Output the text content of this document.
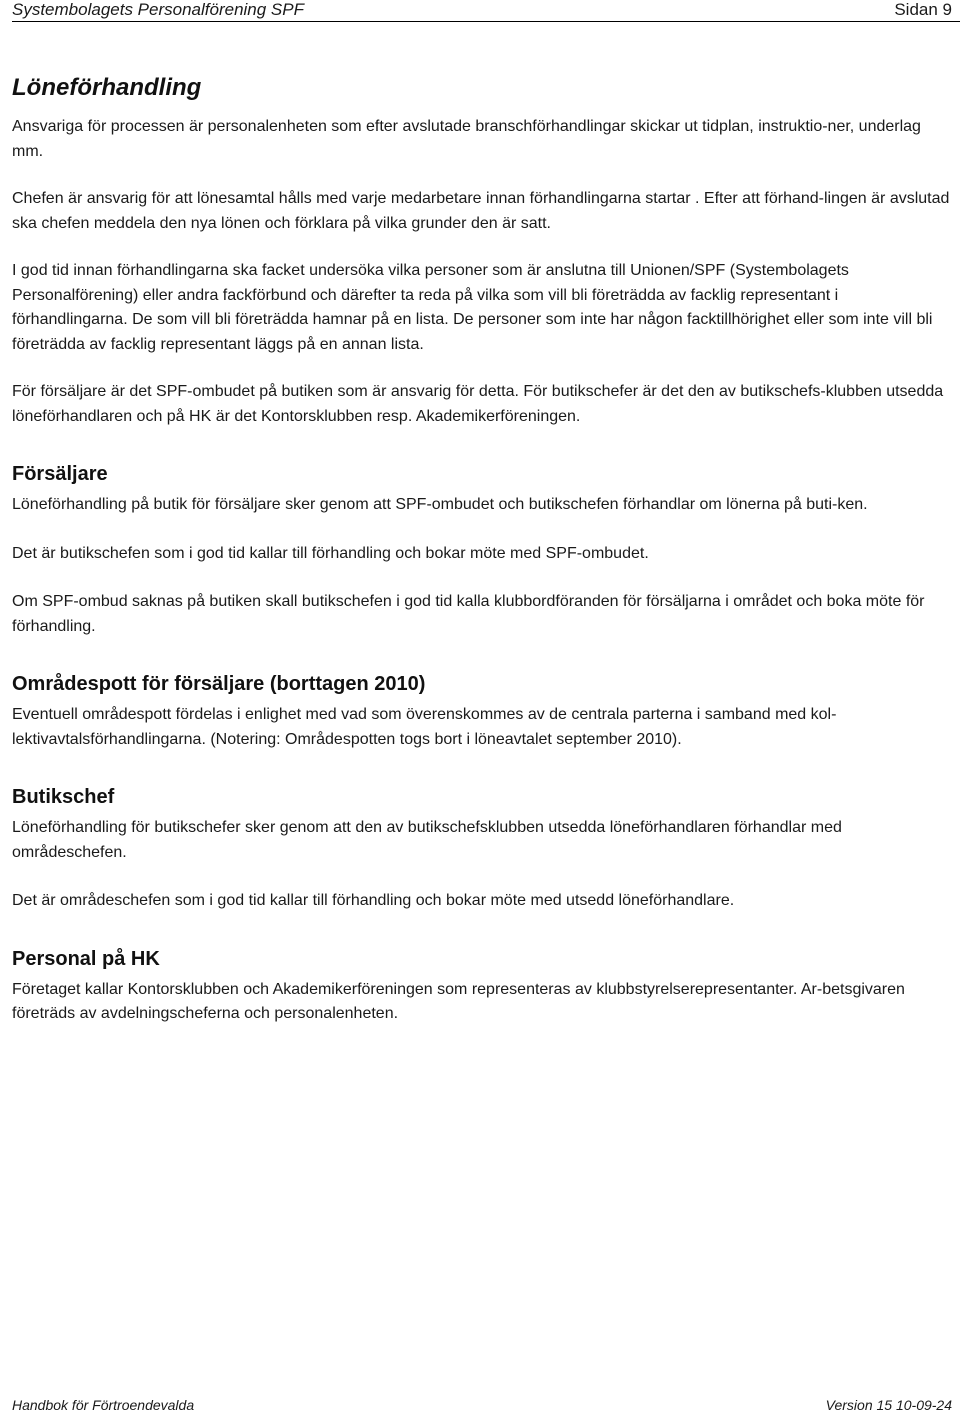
Systembolagets Personalförening SPF	Sidan 9
Löneförhandling

Ansvariga för processen är personalenheten som efter avslutade branschförhandlingar skickar ut tidplan, instruktio-ner, underlag mm.

Chefen är ansvarig för att lönesamtal hålls med varje medarbetare innan förhandlingarna startar . Efter att förhand-lingen är avslutad ska chefen meddela den nya lönen och förklara på vilka grunder den är satt.

I god tid innan förhandlingarna ska facket undersöka vilka personer som är anslutna till Unionen/SPF (Systembolagets Personalförening) eller andra fackförbund och därefter ta reda på vilka som vill bli företrädda av facklig representant i förhandlingarna. De som vill bli företrädda hamnar på en lista. De personer som inte har någon facktillhörighet eller som inte vill bli företrädda av facklig representant läggs på en annan lista.

För försäljare är det SPF-ombudet på butiken som är ansvarig för detta. För butikschefer är det den av butikschefs-klubben utsedda löneförhandlaren och på HK är det Kontorsklubben resp. Akademikerföreningen.

Försäljare

Löneförhandling på butik för försäljare sker genom att SPF-ombudet och butikschefen förhandlar om lönerna på buti-ken.

Det är butikschefen som i god tid kallar till förhandling och bokar möte med SPF-ombudet.

Om SPF-ombud saknas på butiken skall butikschefen i god tid kalla klubbordföranden för försäljarna i området och boka möte för förhandling.

Områdespott för försäljare (borttagen 2010)

Eventuell områdespott fördelas i enlighet med vad som överenskommes av de centrala parterna i samband med kol-lektivavtalsförhandlingarna. (Notering: Områdespotten togs bort i löneavtalet september 2010).

Butikschef

Löneförhandling för butikschefer sker genom att den av butikschefsklubben utsedda löneförhandlaren förhandlar med områdeschefen.

Det är områdeschefen som i god tid kallar till förhandling och bokar möte med utsedd löneförhandlare.

Personal på HK

Företaget kallar Kontorsklubben och Akademikerföreningen som representeras av klubbstyrelserepresentanter. Ar-betsgivaren företräds av avdelningscheferna och personalenheten.

Handbok för Förtroendevalda	Version 15 10-09-24
